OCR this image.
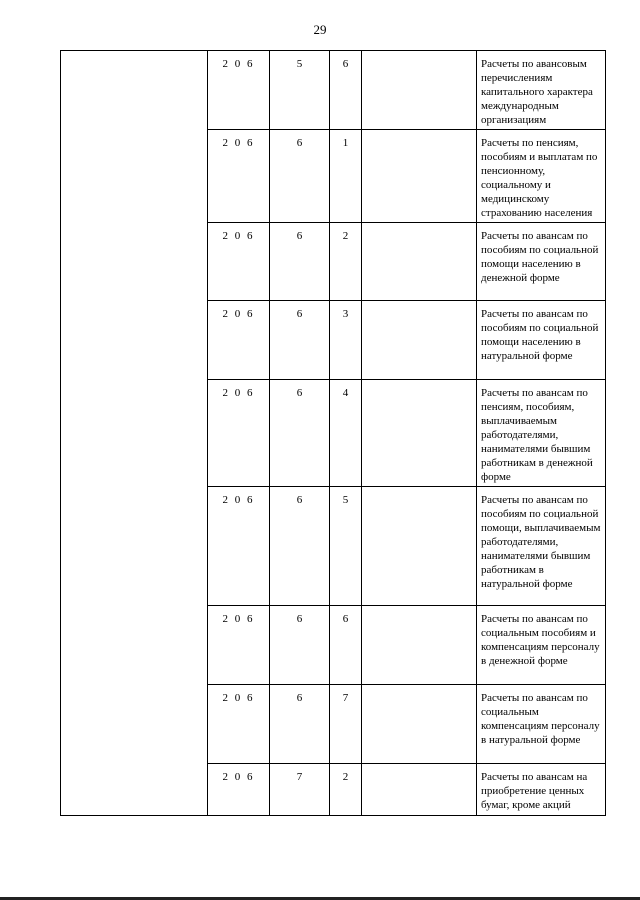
29
	2 0 6	5	6		Расчеты по авансовым перечислениям капитального характера международным организациям
	2 0 6	6	1		Расчеты по пенсиям, пособиям и выплатам по пенсионному, социальному и медицинскому страхованию населения
	2 0 6	6	2		Расчеты по авансам по пособиям по социальной помощи населению в денежной форме
	2 0 6	6	3		Расчеты по авансам по пособиям по социальной помощи населению в натуральной форме
	2 0 6	6	4		Расчеты по авансам по пенсиям, пособиям, выплачиваемым работодателями, нанимателями бывшим работникам в денежной форме
	2 0 6	6	5		Расчеты по авансам по пособиям по социальной помощи, выплачиваемым работодателями, нанимателями бывшим работникам в натуральной форме
	2 0 6	6	6		Расчеты по авансам по социальным пособиям и компенсациям персоналу в денежной форме
	2 0 6	6	7		Расчеты по авансам по социальным компенсациям персоналу в натуральной форме
	2 0 6	7	2		Расчеты по авансам на приобретение ценных бумаг, кроме акций
